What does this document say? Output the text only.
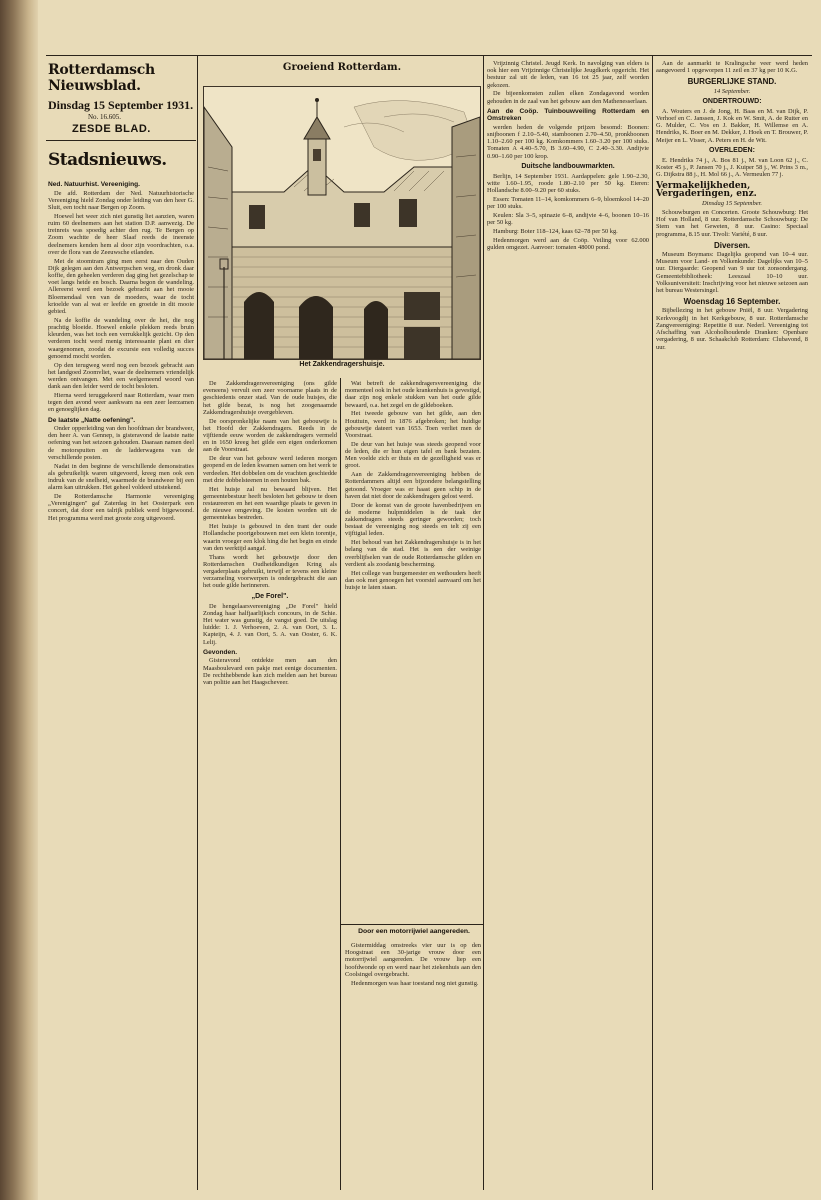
Rotterdamsch Nieuwsblad.
Dinsdag 15 September 1931.
No. 16.605.
ZESDE BLAD.
Stadsnieuws.
Groeiend Rotterdam.
Het Zakkendragershuisje.
Ned. Natuurhist. Vereeniging.

De afd. Rotterdam der Ned. Natuurhistorische Vereeniging hield Zondag onder leiding van den heer G. Sluit, een tocht naar Bergen op Zoom.

Hoewel het weer zich niet gunstig liet aanzien, waren ruim 60 deelnemers aan het station D.P. aanwezig. De treinreis was spoedig achter den rug. Te Bergen op Zoom wachtte de heer Slaaf reeds de ineenste deelnemers kenden hem al door zijn voordrachten, o.a. over de flora van de Zeeuwsche eilanden.

Met de stoomtram ging men eerst naar den Ouden Dijk gelegen aan den Antwerpschen weg, en dronk daar koffie, den geheelen verderen dag ging het gezelschap te voet langs heide en bosch. Daarna begon de wandeling. Allereerst werd een bezoek gebracht aan het mooie Bloemendaal ven van de moeders, waar de tocht krioelde van al wat er leefde en groeide in dit mooie gebied.

Na de koffie de wandeling over de hei, die nog prachtig bloeide. Hoewel enkele plekken reeds bruin kleurden, was het toch een verrukkelijk gezicht. Op den verderen tocht werd menig interessante plant en dier waargenomen, zoodat de excursie een volledig succes genoemd mocht worden.

Op den terugweg werd nog een bezoek gebracht aan het landgoed Zoomvliet, waar de deelnemers vriendelijk werden ontvangen. Met een welgemeend woord van dank aan den leider werd de tocht besloten.

Hierna werd teruggekeerd naar Rotterdam, waar men tegen den avond weer aankwam na een zeer leerzamen en genoeglijken dag.

De laatste „Natte oefening".

Onder opperleiding van den hoofdman der brandweer, den heer A. van Gennep, is gisteravond de laatste natte oefening van het seizoen gehouden. Daaraan namen deel de motorspuiten en de ladderwagens van de verschillende posten.

Nadat in den beginne de verschillende demonstraties als gebruikelijk waren uitgevoerd, kreeg men ook een indruk van de snelheid, waarmede de brandweer bij een alarm kan uitrukken. Het geheel voldeed uitstekend.

De Rotterdamsche Harmonie vereeniging „Verenigingen" gaf Zaterdag in het Oosterpark een concert, dat door een talrijk publiek werd bijgewoond. Het programma werd met groote zorg uitgevoerd.

De Zakkendragersvereeniging (ons gilde eveneens) vervult een zeer voorname plaats in de geschiedenis onzer stad. Van de oude huisjes, die het gilde bezat, is nog het zoogenaamde Zakkendragershuisje overgebleven.

De oorspronkelijke naam van het gebouwtje is het Hoofd der Zakkendragers. Reeds in de vijftiende eeuw worden de zakkendragers vermeld en in 1650 kreeg het gilde een eigen onderkomen aan de Voorstraat.

De deur van het gebouw werd iederen morgen geopend en de leden kwamen samen om het werk te verdeelen. Het dobbelen om de vrachten geschiedde met drie dobbelsteenen in een houten bak.

Het huisje zal nu bewaard blijven. Het gemeentebestuur heeft besloten het gebouw te doen restaureeren en het een waardige plaats te geven in de nieuwe omgeving. De kosten worden uit de gemeentekas bestreden.

Het huisje is gebouwd in den trant der oude Hollandsche poortgebouwen met een klein torentje, waarin vroeger een klok hing die het begin en einde van den werktijd aangaf.

Thans wordt het gebouwtje door den Rotterdamschen Oudheidkundigen Kring als vergaderplaats gebruikt, terwijl er tevens een kleine verzameling voorwerpen is ondergebracht die aan het oude gilde herinneren.

„De Forel".

De hengelaarsvereeniging „De Forel" hield Zondag haar halfjaarlijksch concours, in de Schie. Het water was gunstig, de vangst goed. De uitslag luidde: 1. J. Verhoeven, 2. A. van Oort, 3. L. Kapteijn, 4. J. van Oort, 5. A. van Ooster, 6. K. Lelij.

Gevonden.

Gisteravond ontdekte men aan den Maasboulevard een pakje met eenige documenten. De rechthebbende kan zich melden aan het bureau van politie aan het Haagscheveer.

Wat betreft de zakkendragersvereeniging die momenteel ook in het oude krankenhuis is gevestigd, daar zijn nog enkele stukken van het oude gilde bewaard, o.a. het zegel en de gildeboeken.

Het tweede gebouw van het gilde, aan den Houttuin, werd in 1876 afgebroken; het huidige gebouwtje dateert van 1653. Toen verliet men de Voorstraat.

De deur van het huisje was steeds geopend voor de leden, die er hun eigen tafel en bank bezaten. Men voelde zich er thuis en de gezelligheid was er groot.

Aan de Zakkendragersvereeniging hebben de Rotterdammers altijd een bijzondere belangstelling getoond. Vroeger was er haast geen schip in de haven dat niet door de zakkendragers gelost werd.

Door de komst van de groote havenbedrijven en de moderne hulpmiddelen is de taak der zakkendragers steeds geringer geworden; toch bestaat de vereeniging nog steeds en telt zij een vijftigtal leden.

Het behoud van het Zakkendragershuisje is in het belang van de stad. Het is een der weinige overblijfselen van de oude Rotterdamsche gilden en verdient als zoodanig bescherming.

Het college van burgemeester en wethouders heeft dan ook met genoegen het voorstel aanvaard om het huisje te laten staan.

Door een motorrijwiel aangereden.

Gistermiddag omstreeks vier uur is op den Hoogstraat een 30-jarige vrouw door een motorrijwiel aangereden. De vrouw liep een hoofdwonde op en werd naar het ziekenhuis aan den Coolsingel overgebracht.

Hedenmorgen was haar toestand nog niet gunstig.

Vrijzinnig Christel. Jeugd Kerk. In navolging van elders is ook hier een Vrijzinnige Christelijke Jeugdkerk opgericht. Het bestuur zal uit de leden, van 16 tot 25 jaar, zelf worden gekozen.

De bijeenkomsten zullen elken Zondagavond worden gehouden in de zaal van het gebouw aan den Mathenesserlaan.

Aan de Coöp. Tuinbouwveiling Rotterdam en Omstreken

werden heden de volgende prijzen besomd: Boonen: snijboonen f 2.10–5.40, stamboonen 2.70–4.50, pronkboonen 1.10–2.60 per 100 kg. Komkommers 1.60–3.20 per 100 stuks. Tomaten A 4.40–5.70, B 3.60–4.90, C 2.40–3.30. Andijvie 0.90–1.60 per 100 krop.

Duitsche landbouwmarkten.

Berlijn, 14 September 1931. Aardappelen: gele 1.90–2.30, witte 1.60–1.95, roode 1.80–2.10 per 50 kg. Eieren: Hollandsche 8.00–9.20 per 60 stuks.

Essen: Tomaten 11–14, komkommers 6–9, bloemkool 14–20 per 100 stuks.

Keulen: Sla 3–5, spinazie 6–8, andijvie 4–6, boonen 10–16 per 50 kg.

Hamburg: Boter 118–124, kaas 62–78 per 50 kg.

Hedenmorgen werd aan de Coöp. Veiling voor 62.000 gulden omgezet. Aanvoer: tomaten 48000 pond.

Aan de aanmarkt te Kralingsche veer werd heden aangevoerd 1 opgeworpen 11 zeil en 37 kg per 10 K.G.

BURGERLIJKE STAND.
14 September.
ONDERTROUWD:

A. Wouters en J. de Jong, H. Baas en M. van Dijk, P. Verhoef en C. Janssen, J. Kok en W. Smit, A. de Ruiter en G. Mulder, C. Vos en J. Bakker, H. Willemse en A. Hendriks, K. Boer en M. Dekker, J. Hoek en T. Brouwer, P. Meijer en L. Visser, A. Peters en H. de Wit.

OVERLEDEN:

E. Hendriks 74 j., A. Bos 81 j., M. van Loon 62 j., C. Koster 45 j., P. Jansen 70 j., J. Kuiper 58 j., W. Prins 3 m., G. Dijkstra 88 j., H. Mol 66 j., A. Vermeulen 77 j.

Vermakelijkheden, Vergaderingen, enz.
Dinsdag 15 September.

Schouwburgen en Concerten. Groote Schouwburg: Het Hof van Holland, 8 uur. Rotterdamsche Schouwburg: De Stem van het Geweten, 8 uur. Casino: Speciaal programma, 8.15 uur. Tivoli: Variété, 8 uur.

Diversen.

Museum Boymans: Dagelijks geopend van 10–4 uur. Museum voor Land- en Volkenkunde: Dagelijks van 10–5 uur. Diergaarde: Geopend van 9 uur tot zonsondergang. Gemeentebibliotheek: Leeszaal 10–10 uur. Volksuniversiteit: Inschrijving voor het nieuwe seizoen aan het bureau Westersingel.

Woensdag 16 September.

Bijbellezing in het gebouw Pniël, 8 uur. Vergadering Kerkvoogdij in het Kerkgebouw, 8 uur. Rotterdamsche Zangvereeniging: Repetitie 8 uur. Nederl. Vereeniging tot Afschaffing van Alcoholhoudende Dranken: Openbare vergadering, 8 uur. Schaakclub Rotterdam: Clubavond, 8 uur.
